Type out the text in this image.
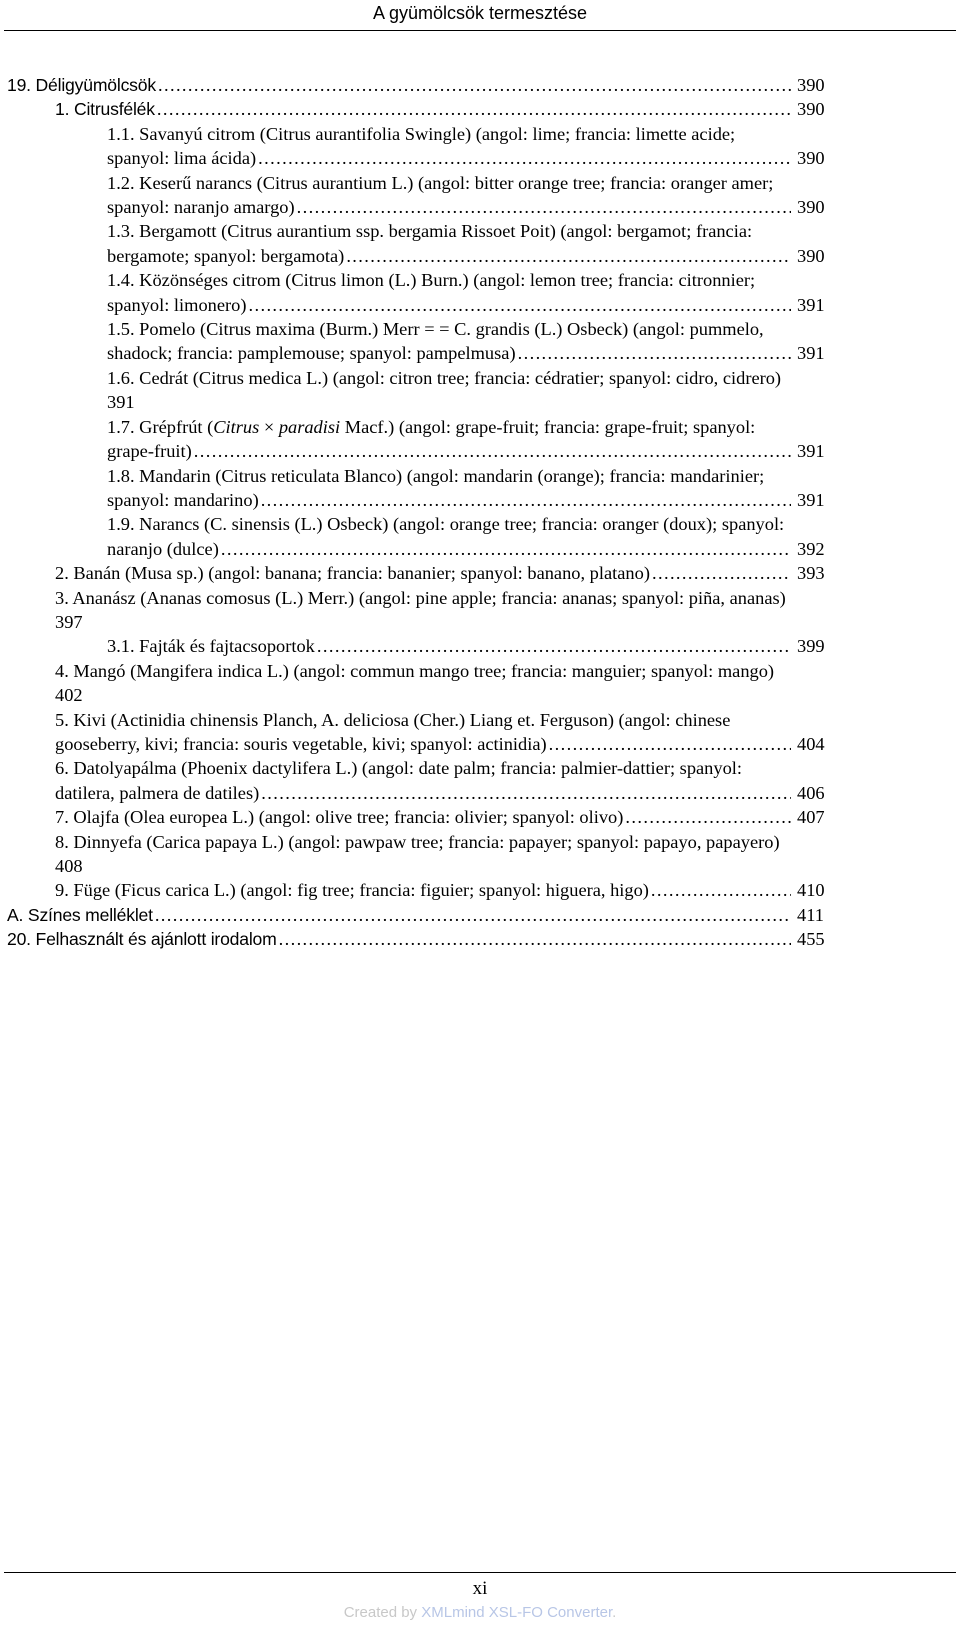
A gyümölcsök termesztése
19. Déligyümölcsök . . .	390
1. Citrusfélék . . .	390
1.1. Savanyú citrom (Citrus aurantifolia Swingle) (angol: lime; francia: limette acide;
spanyol: lima ácida) . . .	390
1.2. Keserű narancs (Citrus aurantium L.) (angol: bitter orange tree; francia: oranger amer;
spanyol: naranjo amargo) . . .	390
1.3. Bergamott (Citrus aurantium ssp. bergamia Rissoet Poit) (angol: bergamot; francia:
bergamote; spanyol: bergamota) . . .	390
1.4. Közönséges citrom (Citrus limon (L.) Burn.) (angol: lemon tree; francia: citronnier;
spanyol: limonero) . . .	391
1.5. Pomelo (Citrus maxima (Burm.) Merr = = C. grandis (L.) Osbeck) (angol: pummelo,
shadock; francia: pamplemouse; spanyol: pampelmusa) . . .	391
1.6. Cedrát (Citrus medica L.) (angol: citron tree; francia: cédratier; spanyol: cidro, cidrero)
391
1.7. Grépfrút (Citrus × paradisi Macf.) (angol: grape-fruit; francia: grape-fruit; spanyol:
grape-fruit) . . .	391
1.8. Mandarin (Citrus reticulata Blanco) (angol: mandarin (orange); francia: mandarinier;
spanyol: mandarino) . . .	391
1.9. Narancs (C. sinensis (L.) Osbeck) (angol: orange tree; francia: oranger (doux); spanyol:
naranjo (dulce) . . .	392
2. Banán (Musa sp.) (angol: banana; francia: bananier; spanyol: banano, platano) . . .	393
3. Ananász (Ananas comosus (L.) Merr.) (angol: pine apple; francia: ananas; spanyol: piña, ananas)
397
3.1. Fajták és fajtacsoportok . . .	399
4. Mangó (Mangifera indica L.) (angol: commun mango tree; francia: manguier; spanyol: mango)
402
5. Kivi (Actinidia chinensis Planch, A. deliciosa (Cher.) Liang et. Ferguson) (angol: chinese
gooseberry, kivi; francia: souris vegetable, kivi; spanyol: actinidia) . . .	404
6. Datolyapálma (Phoenix dactylifera L.) (angol: date palm; francia: palmier-dattier; spanyol:
datilera, palmera de datiles) . . .	406
7. Olajfa (Olea europea L.) (angol: olive tree; francia: olivier; spanyol: olivo) . . .	407
8. Dinnyefa (Carica papaya L.) (angol: pawpaw tree; francia: papayer; spanyol: papayo, papayero)
408
9. Füge (Ficus carica L.) (angol: fig tree; francia: figuier; spanyol: higuera, higo) . . .	410
A. Színes melléklet . . .	411
20. Felhasznált és ajánlott irodalom . . .	455
xi
Created by XMLmind XSL-FO Converter.
